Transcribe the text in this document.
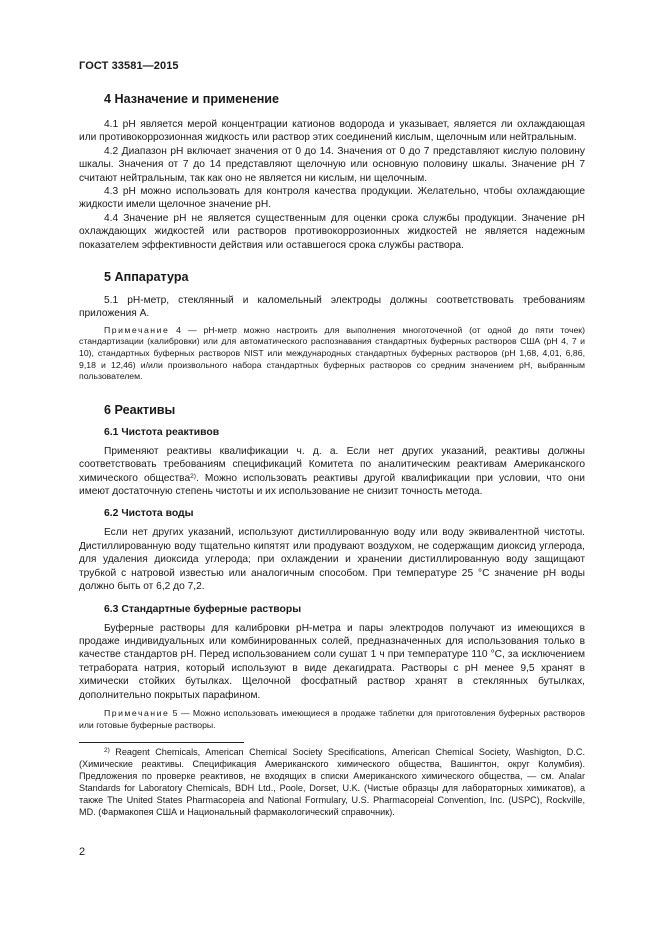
ГОСТ 33581—2015
4 Назначение и применение

4.1 pH является мерой концентрации катионов водорода и указывает, является ли охлаждающая или противокоррозионная жидкость или раствор этих соединений кислым, щелочным или нейтральным.

4.2 Диапазон pH включает значения от 0 до 14. Значения от 0 до 7 представляют кислую половину шкалы. Значения от 7 до 14 представляют щелочную или основную половину шкалы. Значение pH 7 считают нейтральным, так как оно не является ни кислым, ни щелочным.

4.3 pH можно использовать для контроля качества продукции. Желательно, чтобы охлаждающие жидкости имели щелочное значение pH.

4.4 Значение pH не является существенным для оценки срока службы продукции. Значение pH охлаждающих жидкостей или растворов противокоррозионных жидкостей не является надежным показателем эффективности действия или оставшегося срока службы раствора.

5 Аппаратура

5.1 pH-метр, стеклянный и каломельный электроды должны соответствовать требованиям приложения А.

Примечание 4 — pH-метр можно настроить для выполнения многоточечной (от одной до пяти точек) стандартизации (калибровки) или для автоматического распознавания стандартных буферных растворов США (pH 4, 7 и 10), стандартных буферных растворов NIST или международных стандартных буферных растворов (pH 1,68, 4,01, 6,86, 9,18 и 12,46) и/или произвольного набора стандартных буферных растворов со средним значением pH, выбранным пользователем.

6 Реактивы
6.1 Чистота реактивов

Применяют реактивы квалификации ч. д. а. Если нет других указаний, реактивы должны соответствовать требованиям спецификаций Комитета по аналитическим реактивам Американского химического общества$^{2)}$. Можно использовать реактивы другой квалификации при условии, что они имеют достаточную степень чистоты и их использование не снизит точность метода.

6.2 Чистота воды

Если нет других указаний, используют дистиллированную воду или воду эквивалентной чистоты. Дистиллированную воду тщательно кипятят или продувают воздухом, не содержащим диоксид углерода, для удаления диоксида углерода; при охлаждении и хранении дистиллированную воду защищают трубкой с натровой известью или аналогичным способом. При температуре 25 °С значение pH воды должно быть от 6,2 до 7,2.

6.3 Стандартные буферные растворы

Буферные растворы для калибровки pH-метра и пары электродов получают из имеющихся в продаже индивидуальных или комбинированных солей, предназначенных для использования только в качестве стандартов pH. Перед использованием соли сушат 1 ч при температуре 110 °С, за исключением тетрабората натрия, который используют в виде декагидрата. Растворы с pH менее 9,5 хранят в химически стойких бутылках. Щелочной фосфатный раствор хранят в стеклянных бутылках, дополнительно покрытых парафином.

Примечание 5 — Можно использовать имеющиеся в продаже таблетки для приготовления буферных растворов или готовые буферные растворы.

$^{2)}$ Reagent Chemicals, American Chemical Society Specifications, American Chemical Society, Washigton, D.C. (Химические реактивы. Спецификация Американского химического общества, Вашингтон, округ Колумбия). Предложения по проверке реактивов, не входящих в списки Американского химического общества, — см. Analar Standards for Laboratory Chemicals, BDH Ltd., Poole, Dorset, U.K. (Чистые образцы для лабораторных химикатов), а также The United States Pharmacopeia and National Formulary, U.S. Pharmacopeial Convention, Inc. (USPC), Rockville, MD. (Фармакопея США и Национальный фармакологический справочник).

2
